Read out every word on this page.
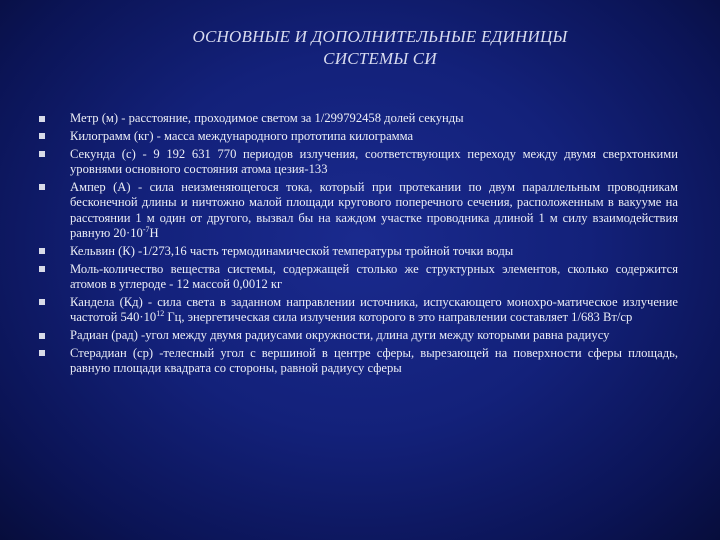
ОСНОВНЫЕ И ДОПОЛНИТЕЛЬНЫЕ ЕДИНИЦЫ
СИСТЕМЫ СИ
Метр (м) - расстояние, проходимое светом за 1/299792458 долей секунды
Килограмм (кг) - масса международного прототипа килограмма
Секунда (с) - 9 192 631 770 периодов излучения, соответствующих переходу между двумя сверхтонкими уровнями основного состояния атома цезия-133
Ампер (А) - сила неизменяющегося тока, который при протекании по двум параллельным проводникам бесконечной длины и ничтожно малой площади кругового поперечного сечения, расположенным в вакууме на расстоянии 1 м один от другого, вызвал бы на каждом участке проводника длиной 1 м силу взаимодействия равную $20\cdot 10^{-7}Н$
Кельвин (К) -1/273,16 часть термодинамической температуры тройной точки воды
Моль-количество вещества системы, содержащей столько же структурных элементов, сколько содержится атомов в углероде - 12 массой 0,0012 кг
Кандела (Кд) - сила света в заданном направлении источника, испускающего монохро-матическое излучение частотой $540\cdot 10^{12}$ Гц, энергетическая сила излучения которого в это направлении составляет 1/683 Вт/ср
Радиан (рад) -угол между двумя радиусами окружности, длина дуги между которыми равна радиусу
Стерадиан (ср) -телесный угол с вершиной в центре сферы, вырезающей на поверхности сферы площадь, равную площади квадрата со стороны, равной радиусу сферы
